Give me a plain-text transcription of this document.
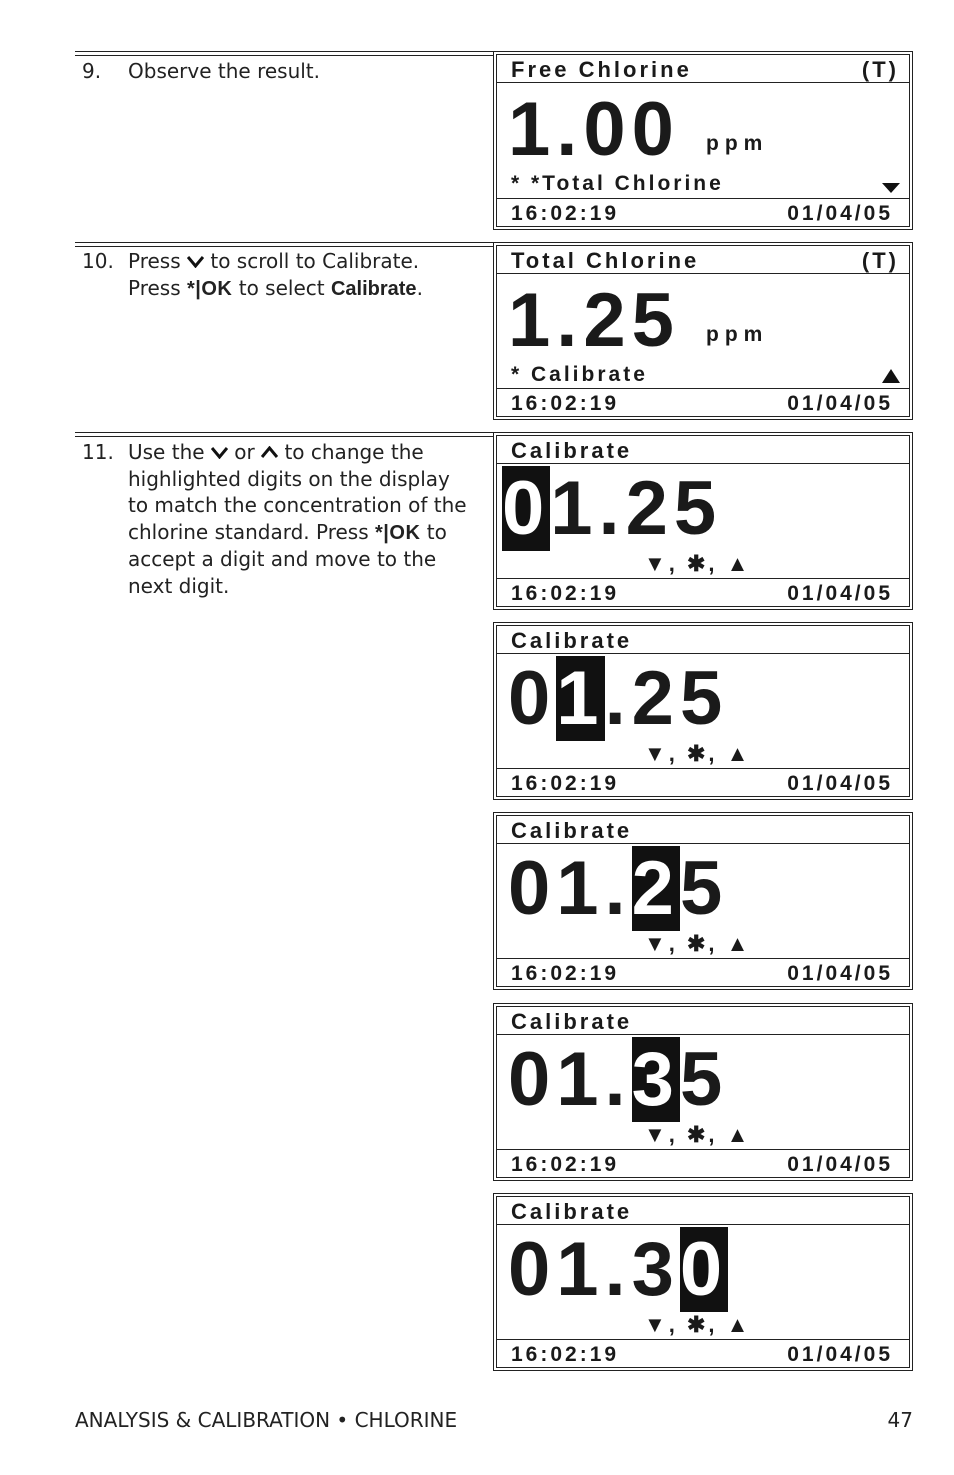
9.	Observe the result.
10. Press  to scroll to Calibrate. Press *|OK to select Calibrate.
11. Use the  or  to change the highlighted digits on the display to match the concentration of the chlorine standard. Press *|OK to accept a digit and move to the next digit.
Free Chlorine	(T)
1.00 ppm
* *Total Chlorine
16:02:19	01/04/05
Total Chlorine	(T)
1.25 ppm
* Calibrate
16:02:19	01/04/05
Calibrate
01.25
▼, ✱, ▲
16:02:19	01/04/05
Calibrate
01.25
▼, ✱, ▲
16:02:19	01/04/05
Calibrate
01.25
▼, ✱, ▲
16:02:19	01/04/05
Calibrate
01.35
▼, ✱, ▲
16:02:19	01/04/05
Calibrate
01.30
▼, ✱, ▲
16:02:19	01/04/05
ANALYSIS & CALIBRATION • CHLORINE	47
